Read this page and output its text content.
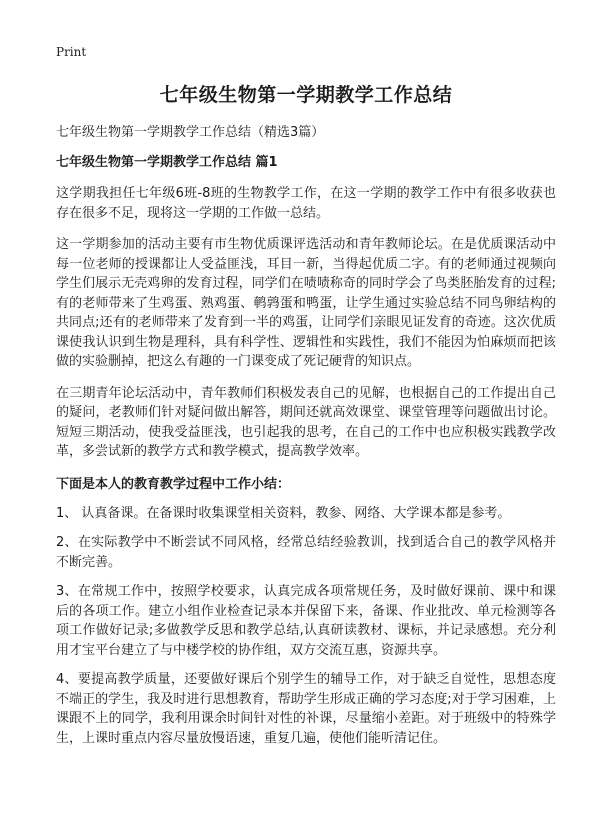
Print
七年级生物第一学期教学工作总结
七年级生物第一学期教学工作总结（精选3篇）
七年级生物第一学期教学工作总结 篇1

这学期我担任七年级6班-8班的生物教学工作，在这一学期的教学工作中有很多收获也存在很多不足，现将这一学期的工作做一总结。

这一学期参加的活动主要有市生物优质课评选活动和青年教师论坛。在是优质课活动中每一位老师的授课都让人受益匪浅，耳目一新，当得起优质二字。有的老师通过视频向学生们展示无壳鸡卵的发育过程，同学们在啧啧称奇的同时学会了鸟类胚胎发育的过程;有的老师带来了生鸡蛋、熟鸡蛋、鹌鹑蛋和鸭蛋，让学生通过实验总结不同鸟卵结构的共同点;还有的老师带来了发育到一半的鸡蛋，让同学们亲眼见证发育的奇迹。这次优质课使我认识到生物是理科，具有科学性、逻辑性和实践性，我们不能因为怕麻烦而把该做的实验删掉，把这么有趣的一门课变成了死记硬背的知识点。

在三期青年论坛活动中，青年教师们积极发表自己的见解，也根据自己的工作提出自己的疑问，老教师们针对疑问做出解答，期间还就高效课堂、课堂管理等问题做出讨论。短短三期活动，使我受益匪浅，也引起我的思考，在自己的工作中也应积极实践教学改革，多尝试新的教学方式和教学模式，提高教学效率。

下面是本人的教育教学过程中工作小结：

1、 认真备课。在备课时收集课堂相关资料，教参、网络、大学课本都是参考。

2、在实际教学中不断尝试不同风格，经常总结经验教训，找到适合自己的教学风格并不断完善。

3、在常规工作中，按照学校要求，认真完成各项常规任务，及时做好课前、课中和课后的各项工作。建立小组作业检查记录本并保留下来，备课、作业批改、单元检测等各项工作做好记录;多做教学反思和教学总结,认真研读教材、课标，并记录感想。充分利用才宝平台建立了与中楼学校的协作组，双方交流互惠，资源共享。

4、要提高教学质量，还要做好课后个别学生的辅导工作，对于缺乏自觉性，思想态度不端正的学生，我及时进行思想教育，帮助学生形成正确的学习态度;对于学习困难，上课跟不上的同学，我利用课余时间针对性的补课，尽量缩小差距。对于班级中的特殊学生，上课时重点内容尽量放慢语速，重复几遍，使他们能听清记住。
